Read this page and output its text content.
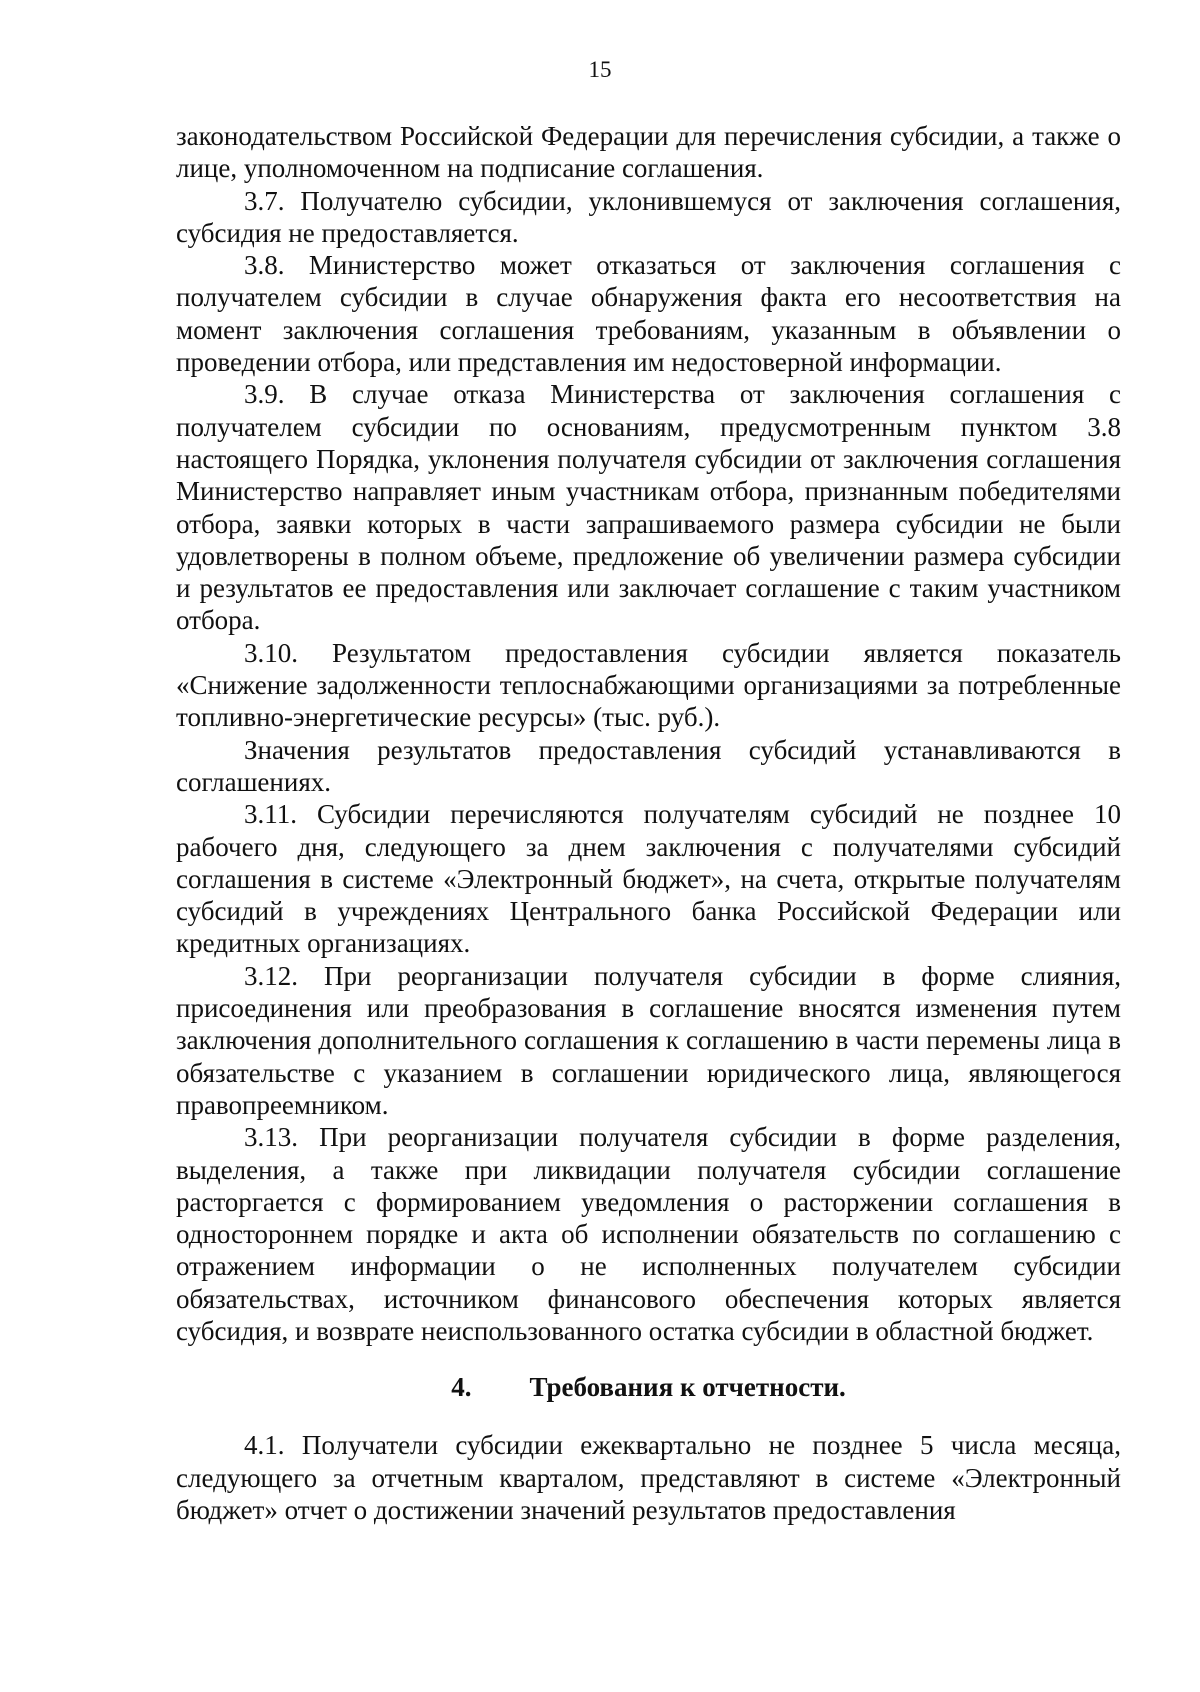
15

законодательством Российской Федерации для перечисления субсидии, а также о лице, уполномоченном на подписание соглашения.

3.7. Получателю субсидии, уклонившемуся от заключения соглашения, субсидия не предоставляется.

3.8. Министерство может отказаться от заключения соглашения с получателем субсидии в случае обнаружения факта его несоответствия на момент заключения соглашения требованиям, указанным в объявлении о проведении отбора, или представления им недостоверной информации.

3.9. В случае отказа Министерства от заключения соглашения с получателем субсидии по основаниям, предусмотренным пунктом 3.8 настоящего Порядка, уклонения получателя субсидии от заключения соглашения Министерство направляет иным участникам отбора, признанным победителями отбора, заявки которых в части запрашиваемого размера субсидии не были удовлетворены в полном объеме, предложение об увеличении размера субсидии и результатов ее предоставления или заключает соглашение с таким участником отбора.

3.10. Результатом предоставления субсидии является показатель «Снижение задолженности теплоснабжающими организациями за потребленные топливно-энергетические ресурсы» (тыс. руб.).

Значения результатов предоставления субсидий устанавливаются в соглашениях.

3.11. Субсидии перечисляются получателям субсидий не позднее 10 рабочего дня, следующего за днем заключения с получателями субсидий соглашения в системе «Электронный бюджет», на счета, открытые получателям субсидий в учреждениях Центрального банка Российской Федерации или кредитных организациях.

3.12. При реорганизации получателя субсидии в форме слияния, присоединения или преобразования в соглашение вносятся изменения путем заключения дополнительного соглашения к соглашению в части перемены лица в обязательстве с указанием в соглашении юридического лица, являющегося правопреемником.

3.13. При реорганизации получателя субсидии в форме разделения, выделения, а также при ликвидации получателя субсидии соглашение расторгается с формированием уведомления о расторжении соглашения в одностороннем порядке и акта об исполнении обязательств по соглашению с отражением информации о не исполненных получателем субсидии обязательствах, источником финансового обеспечения которых является субсидия, и возврате неиспользованного остатка субсидии в областной бюджет.

4. Требования к отчетности.

4.1. Получатели субсидии ежеквартально не позднее 5 числа месяца, следующего за отчетным кварталом, представляют в системе «Электронный бюджет» отчет о достижении значений результатов предоставления
